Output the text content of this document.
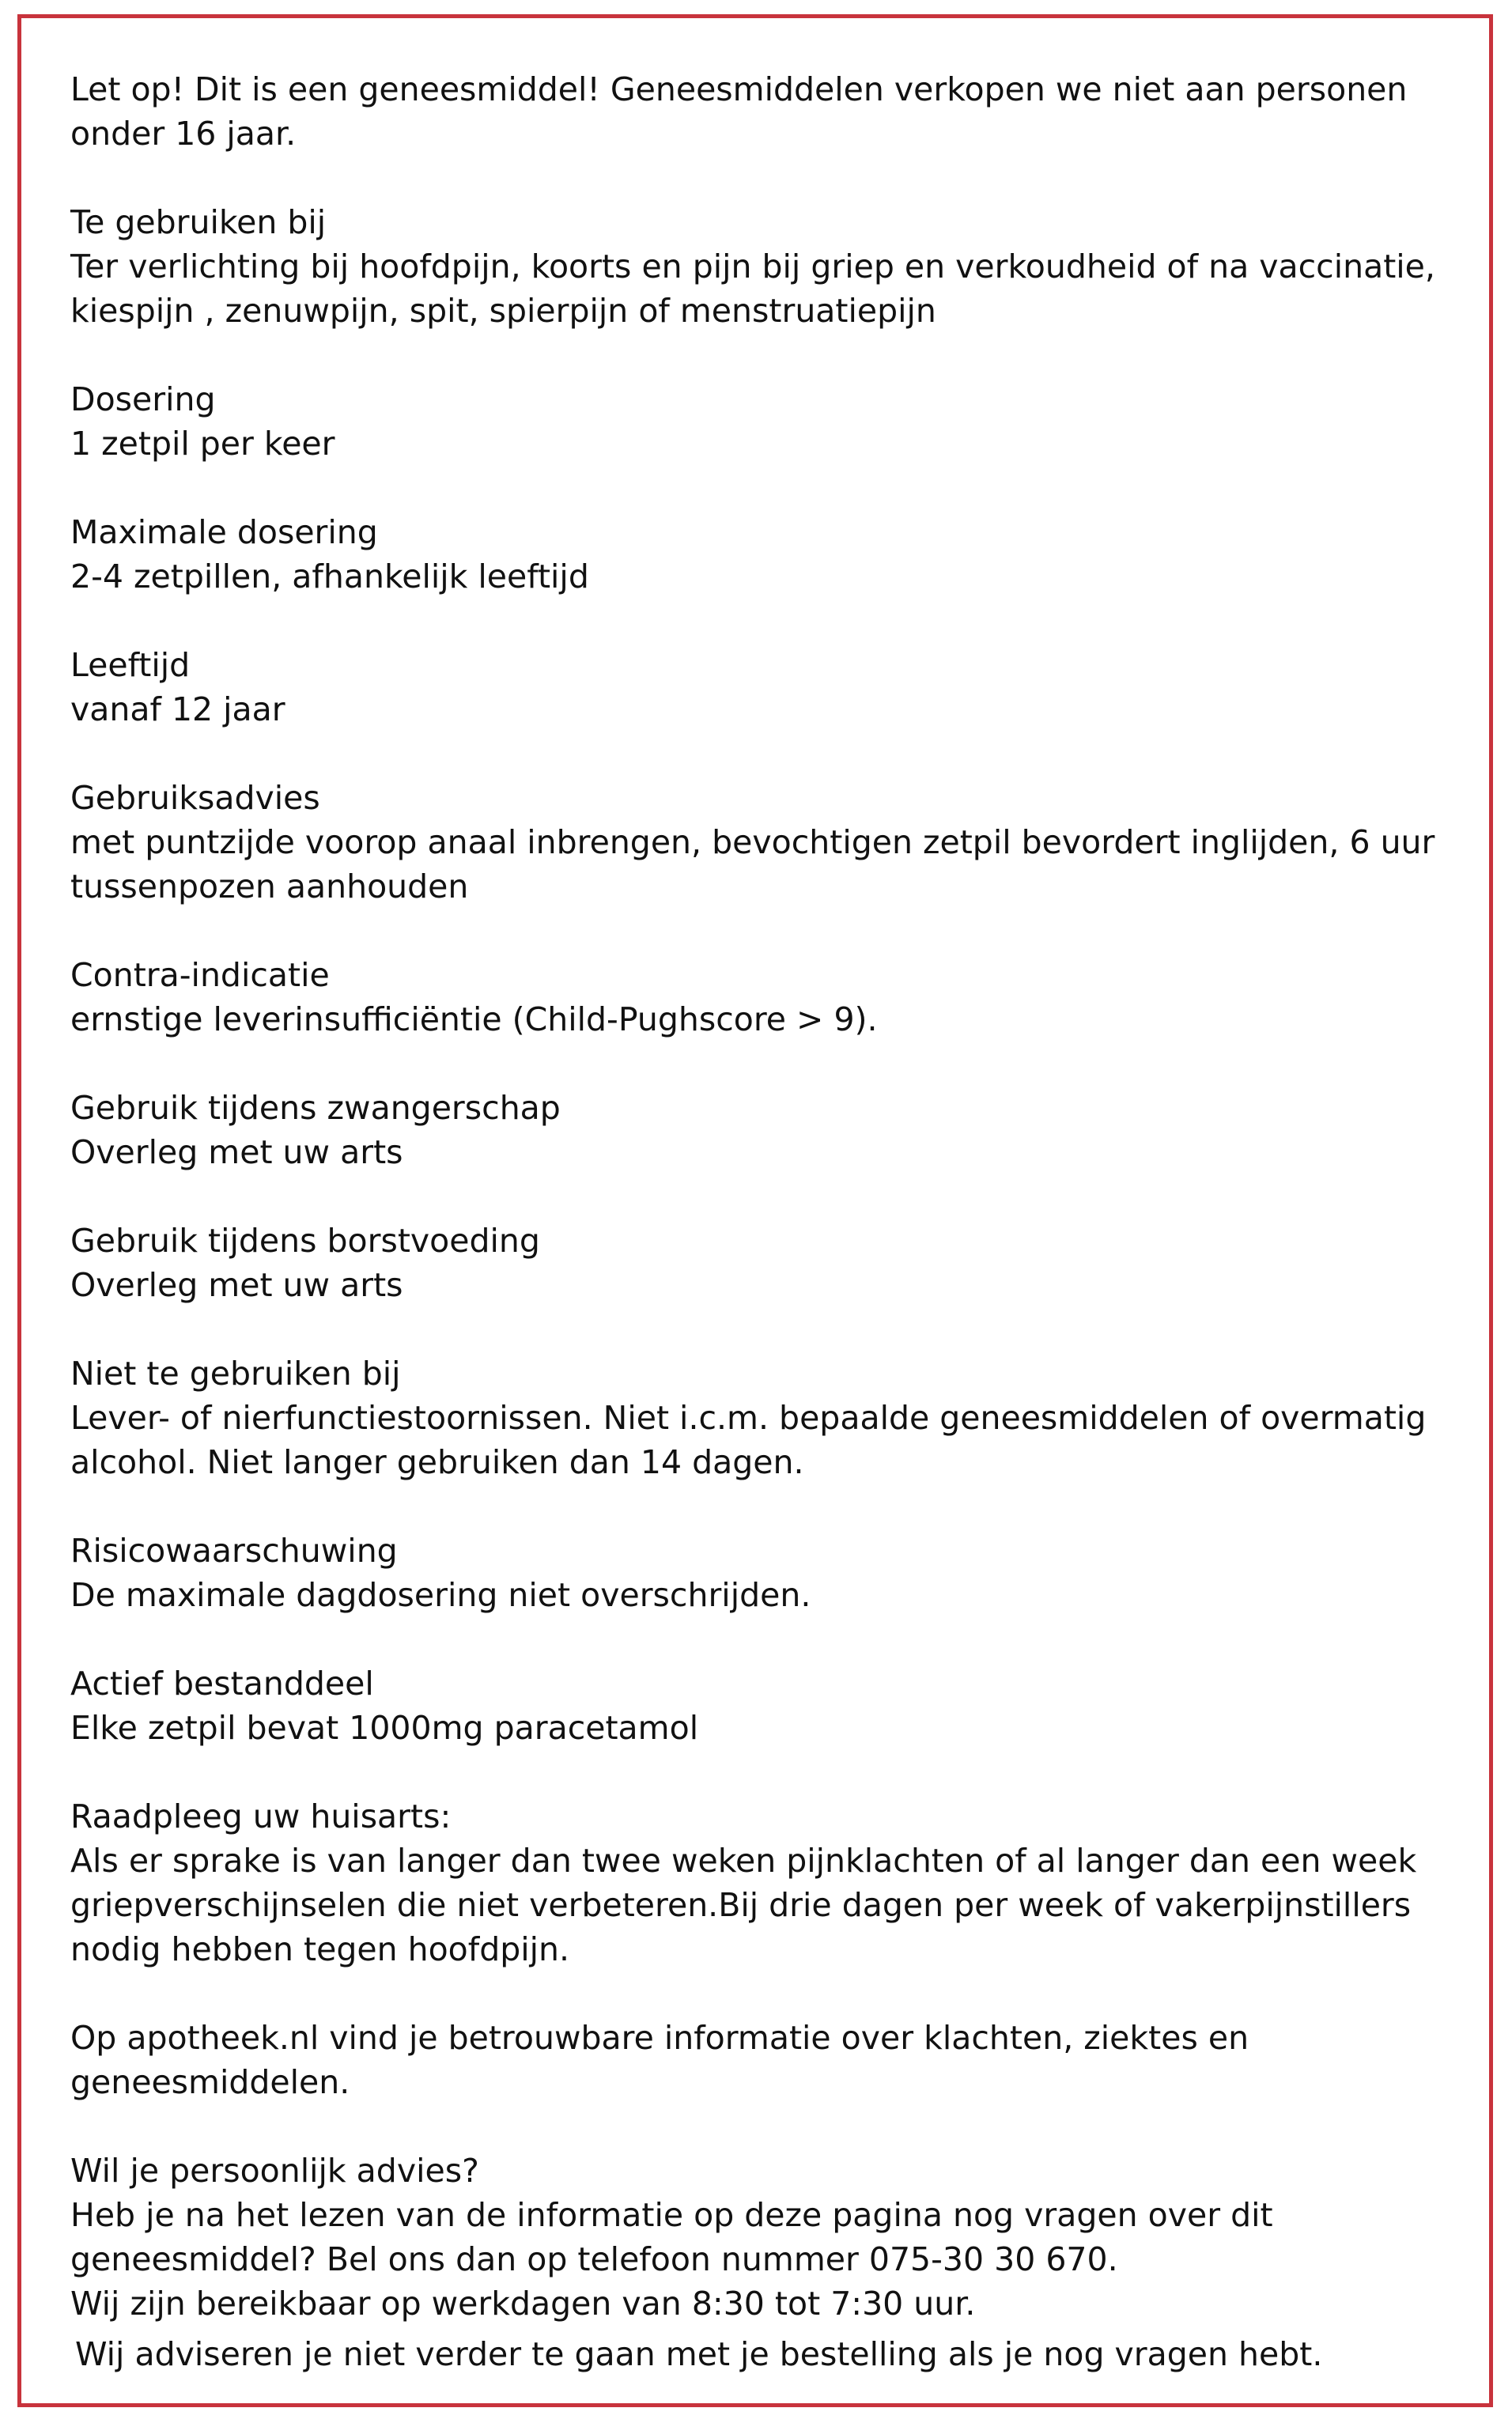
Let op! Dit is een geneesmiddel! Geneesmiddelen verkopen we niet aan personen
onder 16 jaar.
Te gebruiken bij
Ter verlichting bij hoofdpijn, koorts en pijn bij griep en verkoudheid of na vaccinatie,
kiespijn , zenuwpijn, spit, spierpijn of menstruatiepijn
Dosering
1 zetpil per keer
Maximale dosering
2-4 zetpillen, afhankelijk leeftijd
Leeftijd
vanaf 12 jaar
Gebruiksadvies
met puntzijde voorop anaal inbrengen, bevochtigen zetpil bevordert inglijden, 6 uur
tussenpozen aanhouden
Contra-indicatie
ernstige leverinsufficiëntie (Child-Pughscore > 9).
Gebruik tijdens zwangerschap
Overleg met uw arts
Gebruik tijdens borstvoeding
Overleg met uw arts
Niet te gebruiken bij
Lever- of nierfunctiestoornissen. Niet i.c.m. bepaalde geneesmiddelen of overmatig
alcohol. Niet langer gebruiken dan 14 dagen.
Risicowaarschuwing
De maximale dagdosering niet overschrijden.
Actief bestanddeel
Elke zetpil bevat 1000mg paracetamol
Raadpleeg uw huisarts:
Als er sprake is van langer dan twee weken pijnklachten of al langer dan een week
griepverschijnselen die niet verbeteren.Bij drie dagen per week of vakerpijnstillers
nodig hebben tegen hoofdpijn.
Op apotheek.nl vind je betrouwbare informatie over klachten, ziektes en
geneesmiddelen.
Wil je persoonlijk advies?
Heb je na het lezen van de informatie op deze pagina nog vragen over dit
geneesmiddel? Bel ons dan op telefoon nummer 075-30 30 670.
Wij zijn bereikbaar op werkdagen van 8:30 tot 7:30 uur.
Wij adviseren je niet verder te gaan met je bestelling als je nog vragen hebt.
